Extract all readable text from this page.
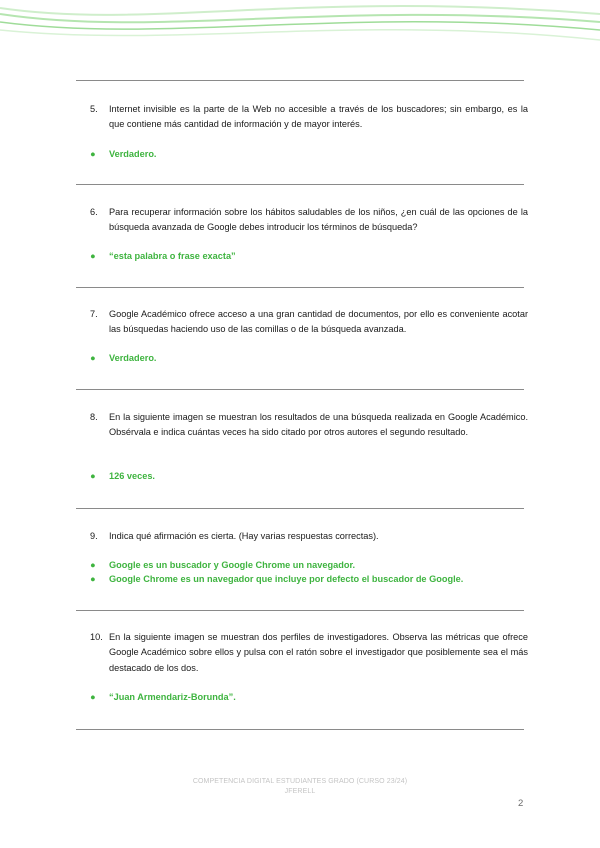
5. Internet invisible es la parte de la Web no accesible a través de los buscadores; sin embargo, es la que contiene más cantidad de información y de mayor interés.
● Verdadero.
6. Para recuperar información sobre los hábitos saludables de los niños, ¿en cuál de las opciones de la búsqueda avanzada de Google debes introducir los términos de búsqueda?
● “esta palabra o frase exacta”
7. Google Académico ofrece acceso a una gran cantidad de documentos, por ello es conveniente acotar las búsquedas haciendo uso de las comillas o de la búsqueda avanzada.
● Verdadero.
8. En la siguiente imagen se muestran los resultados de una búsqueda realizada en Google Académico. Obsérvala e indica cuántas veces ha sido citado por otros autores el segundo resultado.
● 126 veces.
9. Indica qué afirmación es cierta. (Hay varias respuestas correctas).
● Google es un buscador y Google Chrome un navegador.
● Google Chrome es un navegador que incluye por defecto el buscador de Google.
10. En la siguiente imagen se muestran dos perfiles de investigadores. Observa las métricas que ofrece Google Académico sobre ellos y pulsa con el ratón sobre el investigador que posiblemente sea el más destacado de los dos.
● “Juan Armendariz-Borunda”.
COMPETENCIA DIGITAL ESTUDIANTES GRADO (CURSO 23/24)
JFERELL
2
